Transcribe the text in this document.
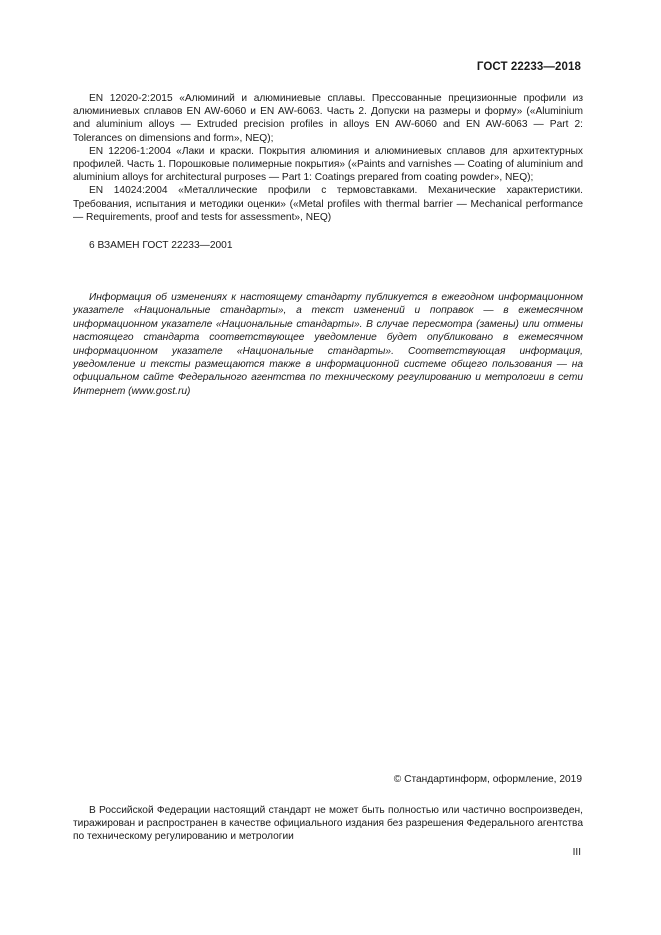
ГОСТ 22233—2018

EN 12020-2:2015 «Алюминий и алюминиевые сплавы. Прессованные прецизионные профили из алюминиевых сплавов EN AW-6060 и EN AW-6063. Часть 2. Допуски на размеры и форму» («Aluminium and aluminium alloys — Extruded precision profiles in alloys EN AW-6060 and EN AW-6063 — Part 2: Tolerances on dimensions and form», NEQ);

EN 12206-1:2004 «Лаки и краски. Покрытия алюминия и алюминиевых сплавов для архитектурных профилей. Часть 1. Порошковые полимерные покрытия» («Paints and varnishes — Coating of aluminium and aluminium alloys for architectural purposes — Part 1: Coatings prepared from coating powder», NEQ);

EN 14024:2004 «Металлические профили с термовставками. Механические характеристики. Требования, испытания и методики оценки» («Metal profiles with thermal barrier — Mechanical performance — Requirements, proof and tests for assessment», NEQ)

6 ВЗАМЕН ГОСТ 22233—2001

Информация об изменениях к настоящему стандарту публикуется в ежегодном информационном указателе «Национальные стандарты», а текст изменений и поправок — в ежемесячном информационном указателе «Национальные стандарты». В случае пересмотра (замены) или отмены настоящего стандарта соответствующее уведомление будет опубликовано в ежемесячном информационном указателе «Национальные стандарты». Соответствующая информация, уведомление и тексты размещаются также в информационной системе общего пользования — на официальном сайте Федерального агентства по техническому регулированию и метрологии в сети Интернет (www.gost.ru)

© Стандартинформ, оформление, 2019

В Российской Федерации настоящий стандарт не может быть полностью или частично воспроизведен, тиражирован и распространен в качестве официального издания без разрешения Федерального агентства по техническому регулированию и метрологии

III
